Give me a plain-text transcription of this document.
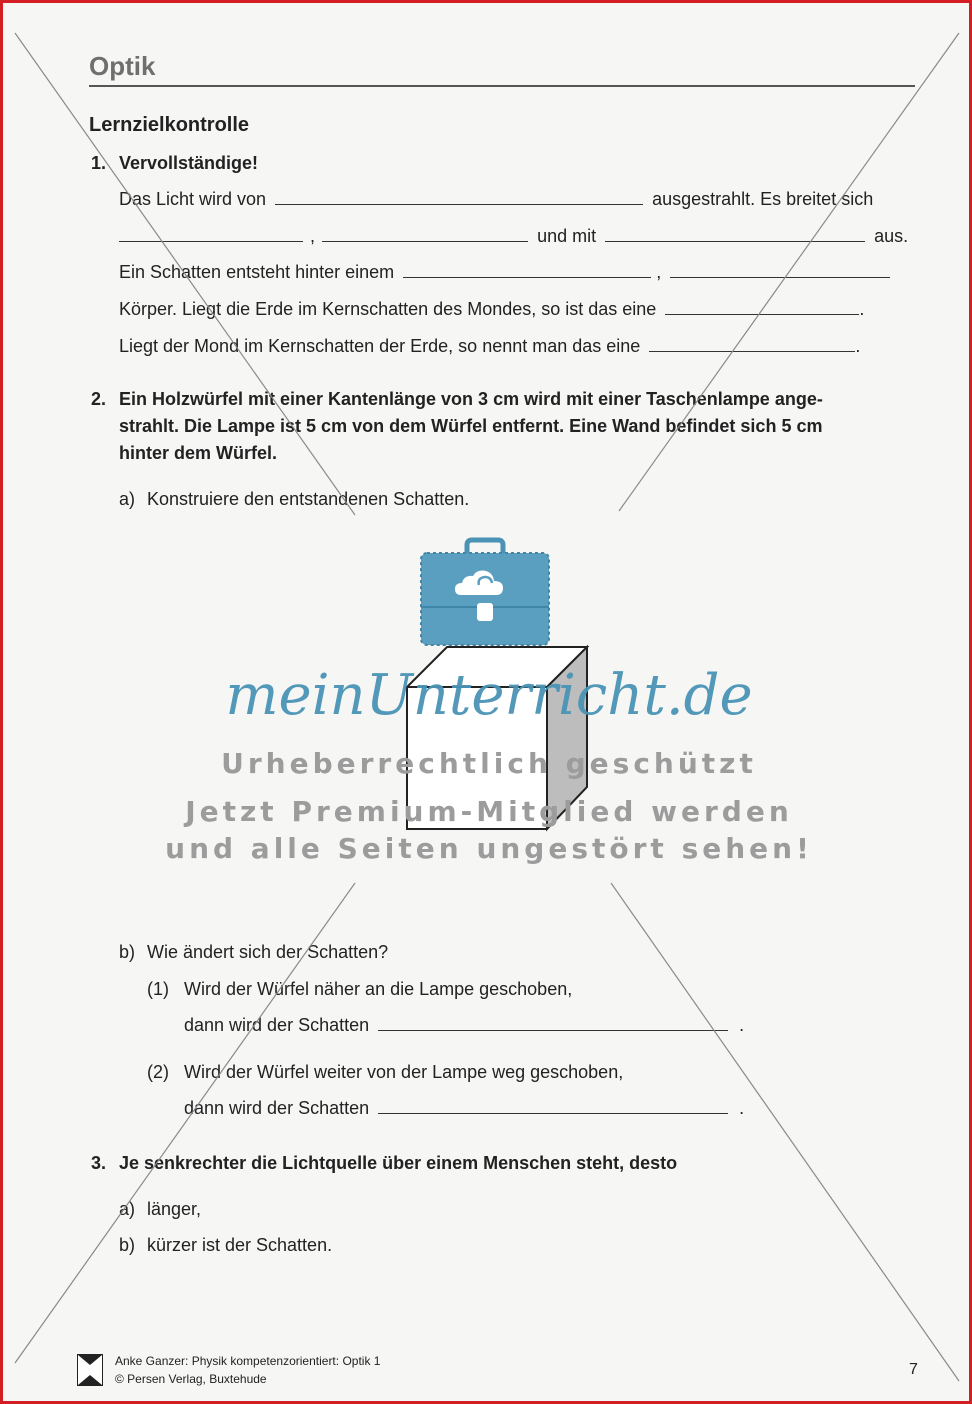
Optik
Lernzielkontrolle
1. Vervollständige!
Das Licht wird von	ausgestrahlt. Es breitet sich
,	und mit	aus.
Ein Schatten entsteht hinter einem	,
Körper. Liegt die Erde im Kernschatten des Mondes, so ist das eine	.
Liegt der Mond im Kernschatten der Erde, so nennt man das eine	.
2. Ein Holzwürfel mit einer Kantenlänge von 3 cm wird mit einer Taschenlampe ange-
strahlt. Die Lampe ist 5 cm von dem Würfel entfernt. Eine Wand befindet sich 5 cm
hinter dem Würfel.
a) Konstruiere den entstandenen Schatten.
b) Wie ändert sich der Schatten?
(1) Wird der Würfel näher an die Lampe geschoben,
dann wird der Schatten	.
(2) Wird der Würfel weiter von der Lampe weg geschoben,
dann wird der Schatten	.
3. Je senkrechter die Lichtquelle über einem Menschen steht, desto
a) länger,
b) kürzer ist der Schatten.
meinUnterricht.de
Urheberrechtlich geschützt
Jetzt Premium-Mitglied werden
und alle Seiten ungestört sehen!
Anke Ganzer: Physik kompetenzorientiert: Optik 1
© Persen Verlag, Buxtehude
7
